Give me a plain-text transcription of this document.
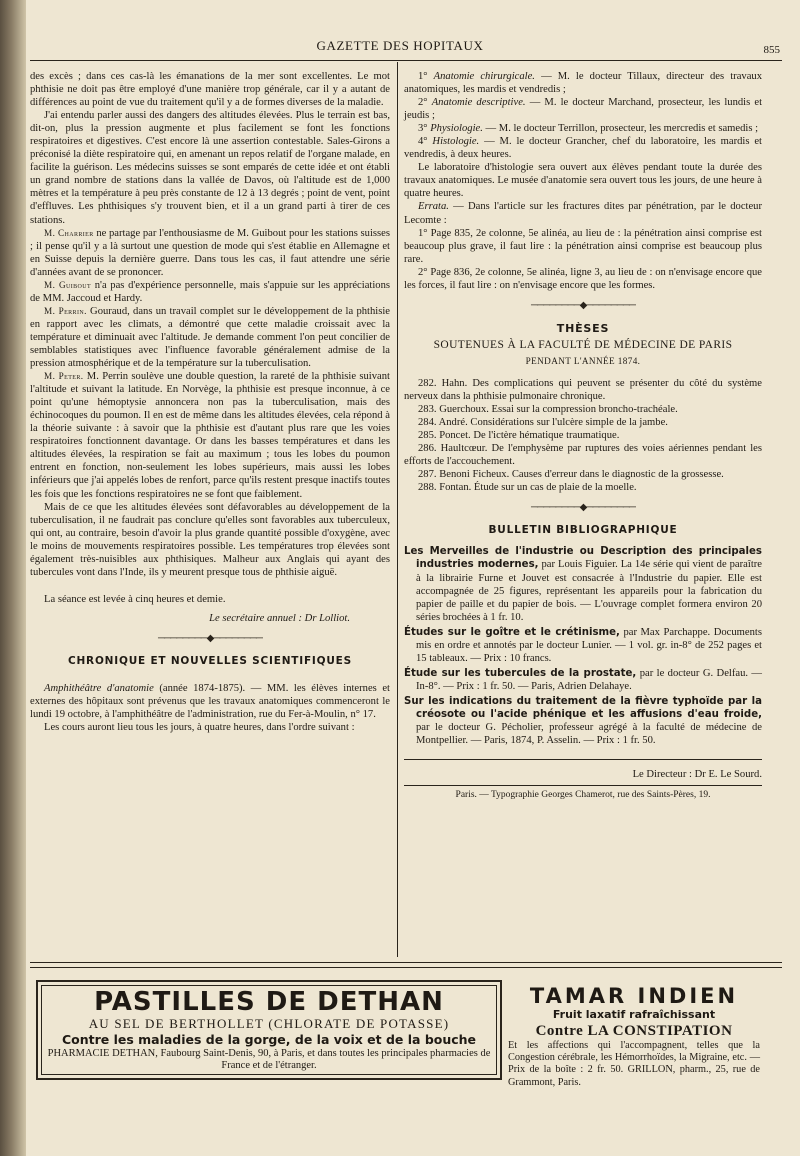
GAZETTE DES HOPITAUX	855

des excès ; dans ces cas-là les émanations de la mer sont excellentes. Le mot phthisie ne doit pas être employé d'une manière trop générale, car il y a autant de différences au point de vue du traitement qu'il y a de formes diverses de la maladie.

J'ai entendu parler aussi des dangers des altitudes élevées. Plus le terrain est bas, dit-on, plus la pression augmente et plus facilement se font les fonctions respiratoires et digestives. C'est encore là une assertion contestable. Sales-Girons a préconisé la diète respiratoire qui, en amenant un repos relatif de l'organe malade, en facilite la guérison. Les médecins suisses se sont emparés de cette idée et ont établi un grand nombre de stations dans la vallée de Davos, où l'altitude est de 1,000 mètres et la température à peu près constante de 12 à 13 degrés ; point de vent, point d'effluves. Les phthisiques s'y trouvent bien, et il a un grand parti à tirer de ces stations.

M. Charrier ne partage par l'enthousiasme de M. Guibout pour les stations suisses ; il pense qu'il y a là surtout une question de mode qui s'est établie en Allemagne et en Suisse depuis la dernière guerre. Dans tous les cas, il faut attendre une série d'années avant de se prononcer.

M. Guibout n'a pas d'expérience personnelle, mais s'appuie sur les appréciations de MM. Jaccoud et Hardy.

M. Perrin. Gouraud, dans un travail complet sur le développement de la phthisie en rapport avec les climats, a démontré que cette maladie croissait avec la température et diminuait avec l'altitude. Je demande comment l'on peut concilier de semblables statistiques avec l'influence favorable généralement admise de la pression atmosphérique et de la température sur la tuberculisation.

M. Peter. M. Perrin soulève une double question, la rareté de la phthisie suivant l'altitude et suivant la latitude. En Norvège, la phthisie est presque inconnue, à ce point qu'une hémoptysie annoncera non pas la tuberculisation, mais des échinocoques du poumon. Il en est de même dans les altitudes élevées, cela répond à la théorie suivante : à savoir que la phthisie est d'autant plus rare que les voies respiratoires fonctionnent davantage. Or dans les basses températures et dans les altitudes élevées, la respiration se fait au maximum ; tous les lobes du poumon entrent en fonction, non-seulement les lobes supérieurs, mais aussi les lobes inférieurs que j'ai appelés lobes de renfort, parce qu'ils restent presque inactifs toutes les fois que les fonctions respiratoires ne se font que faiblement.

Mais de ce que les altitudes élevées sont défavorables au développement de la tuberculisation, il ne faudrait pas conclure qu'elles sont favorables aux tuberculeux, qui ont, au contraire, besoin d'avoir la plus grande quantité possible d'oxygène, avec le moins de mouvements respiratoires possible. Les températures trop élevées sont également très-nuisibles aux phthisiques. Malheur aux Anglais qui ayant des tubercules vont dans l'Inde, ils y meurent presque tous de phthisie aiguë.

La séance est levée à cinq heures et demie.

Le secrétaire annuel : Dr Lolliot.

────────◆────────
CHRONIQUE ET NOUVELLES SCIENTIFIQUES

Amphithéâtre d'anatomie (année 1874-1875). — MM. les élèves internes et externes des hôpitaux sont prévenus que les travaux anatomiques commenceront le lundi 19 octobre, à l'amphithéâtre de l'administration, rue du Fer-à-Moulin, n° 17.

Les cours auront lieu tous les jours, à quatre heures, dans l'ordre suivant :

1° Anatomie chirurgicale. — M. le docteur Tillaux, directeur des travaux anatomiques, les mardis et vendredis ;

2° Anatomie descriptive. — M. le docteur Marchand, prosecteur, les lundis et jeudis ;

3° Physiologie. — M. le docteur Terrillon, prosecteur, les mercredis et samedis ;

4° Histologie. — M. le docteur Grancher, chef du laboratoire, les mardis et vendredis, à deux heures.

Le laboratoire d'histologie sera ouvert aux élèves pendant toute la durée des travaux anatomiques. Le musée d'anatomie sera ouvert tous les jours, de une heure à quatre heures.

Errata. — Dans l'article sur les fractures dites par pénétration, par le docteur Lecomte :

1° Page 835, 2e colonne, 5e alinéa, au lieu de : la pénétration ainsi comprise est beaucoup plus grave, il faut lire : la pénétration ainsi comprise est beaucoup plus rare.

2° Page 836, 2e colonne, 5e alinéa, ligne 3, au lieu de : on n'envisage encore que les forces, il faut lire : on n'envisage encore que les formes.

────────◆────────
THÈSES
SOUTENUES À LA FACULTÉ DE MÉDECINE DE PARIS
PENDANT L'ANNÉE 1874.

282. Hahn. Des complications qui peuvent se présenter du côté du système nerveux dans la phthisie pulmonaire chronique.

283. Guerchoux. Essai sur la compression broncho-trachéale.

284. André. Considérations sur l'ulcère simple de la jambe.

285. Poncet. De l'ictère hématique traumatique.

286. Haultcœur. De l'emphysème par ruptures des voies aériennes pendant les efforts de l'accouchement.

287. Benoni Ficheux. Causes d'erreur dans le diagnostic de la grossesse.

288. Fontan. Étude sur un cas de plaie de la moelle.

────────◆────────
BULLETIN BIBLIOGRAPHIQUE

Les Merveilles de l'industrie ou Description des principales industries modernes, par Louis Figuier. La 14e série qui vient de paraître à la librairie Furne et Jouvet est consacrée à l'Industrie du papier. Elle est accompagnée de 25 figures, représentant les appareils pour la fabrication du papier de paille et du papier de bois. — L'ouvrage complet formera environ 20 séries brochées à 1 fr. 10.

Études sur le goître et le crétinisme, par Max Parchappe. Documents mis en ordre et annotés par le docteur Lunier. — 1 vol. gr. in-8° de 252 pages et 15 tableaux. — Prix : 10 francs.

Étude sur les tubercules de la prostate, par le docteur G. Delfau. — In-8°. — Prix : 1 fr. 50. — Paris, Adrien Delahaye.

Sur les indications du traitement de la fièvre typhoïde par la créosote ou l'acide phénique et les affusions d'eau froide, par le docteur G. Pécholier, professeur agrégé à la faculté de médecine de Montpellier. — Paris, 1874, P. Asselin. — Prix : 1 fr. 50.

Le Directeur : Dr E. Le Sourd.

Paris. — Typographie Georges Chamerot, rue des Saints-Pères, 19.

PASTILLES DE DETHAN
AU SEL DE BERTHOLLET (CHLORATE DE POTASSE)
Contre les maladies de la gorge, de la voix et de la bouche
PHARMACIE DETHAN, Faubourg Saint-Denis, 90, à Paris, et dans toutes les principales pharmacies de France et de l'étranger.
TAMAR INDIEN
Fruit laxatif rafraîchissant
Contre LA CONSTIPATION
Et les affections qui l'accompagnent, telles que la Congestion cérébrale, les Hémorrhoïdes, la Migraine, etc. — Prix de la boîte : 2 fr. 50. GRILLON, pharm., 25, rue de Grammont, Paris.
